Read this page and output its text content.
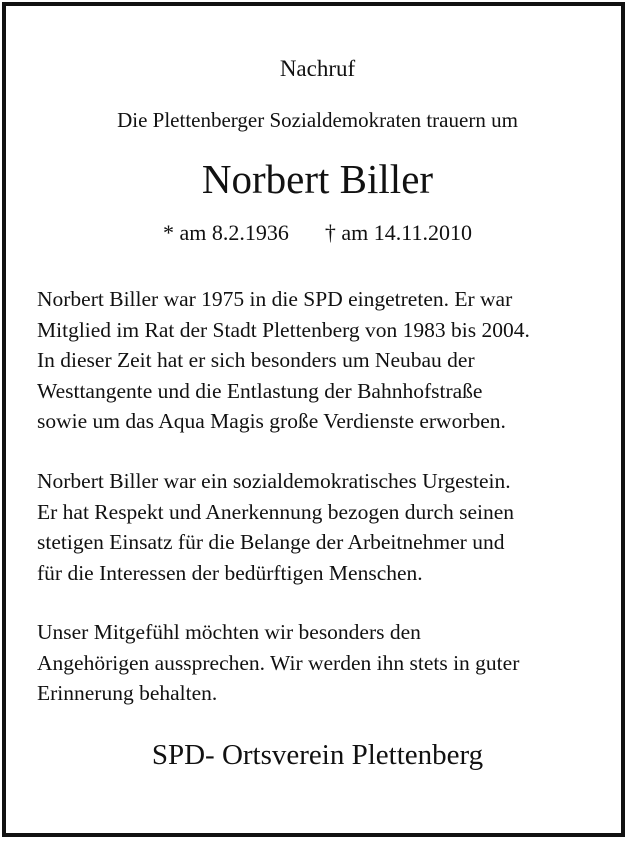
Nachruf
Die Plettenberger Sozialdemokraten trauern um
Norbert Biller
* am 8.2.1936 † am 14.11.2010

Norbert Biller war 1975 in die SPD eingetreten. Er war
Mitglied im Rat der Stadt Plettenberg von 1983 bis 2004.
In dieser Zeit hat er sich besonders um Neubau der
Westtangente und die Entlastung der Bahnhofstraße
sowie um das Aqua Magis große Verdienste erworben.

Norbert Biller war ein sozialdemokratisches Urgestein.
Er hat Respekt und Anerkennung bezogen durch seinen
stetigen Einsatz für die Belange der Arbeitnehmer und
für die Interessen der bedürftigen Menschen.

Unser Mitgefühl möchten wir besonders den
Angehörigen aussprechen. Wir werden ihn stets in guter
Erinnerung behalten.

SPD- Ortsverein Plettenberg
